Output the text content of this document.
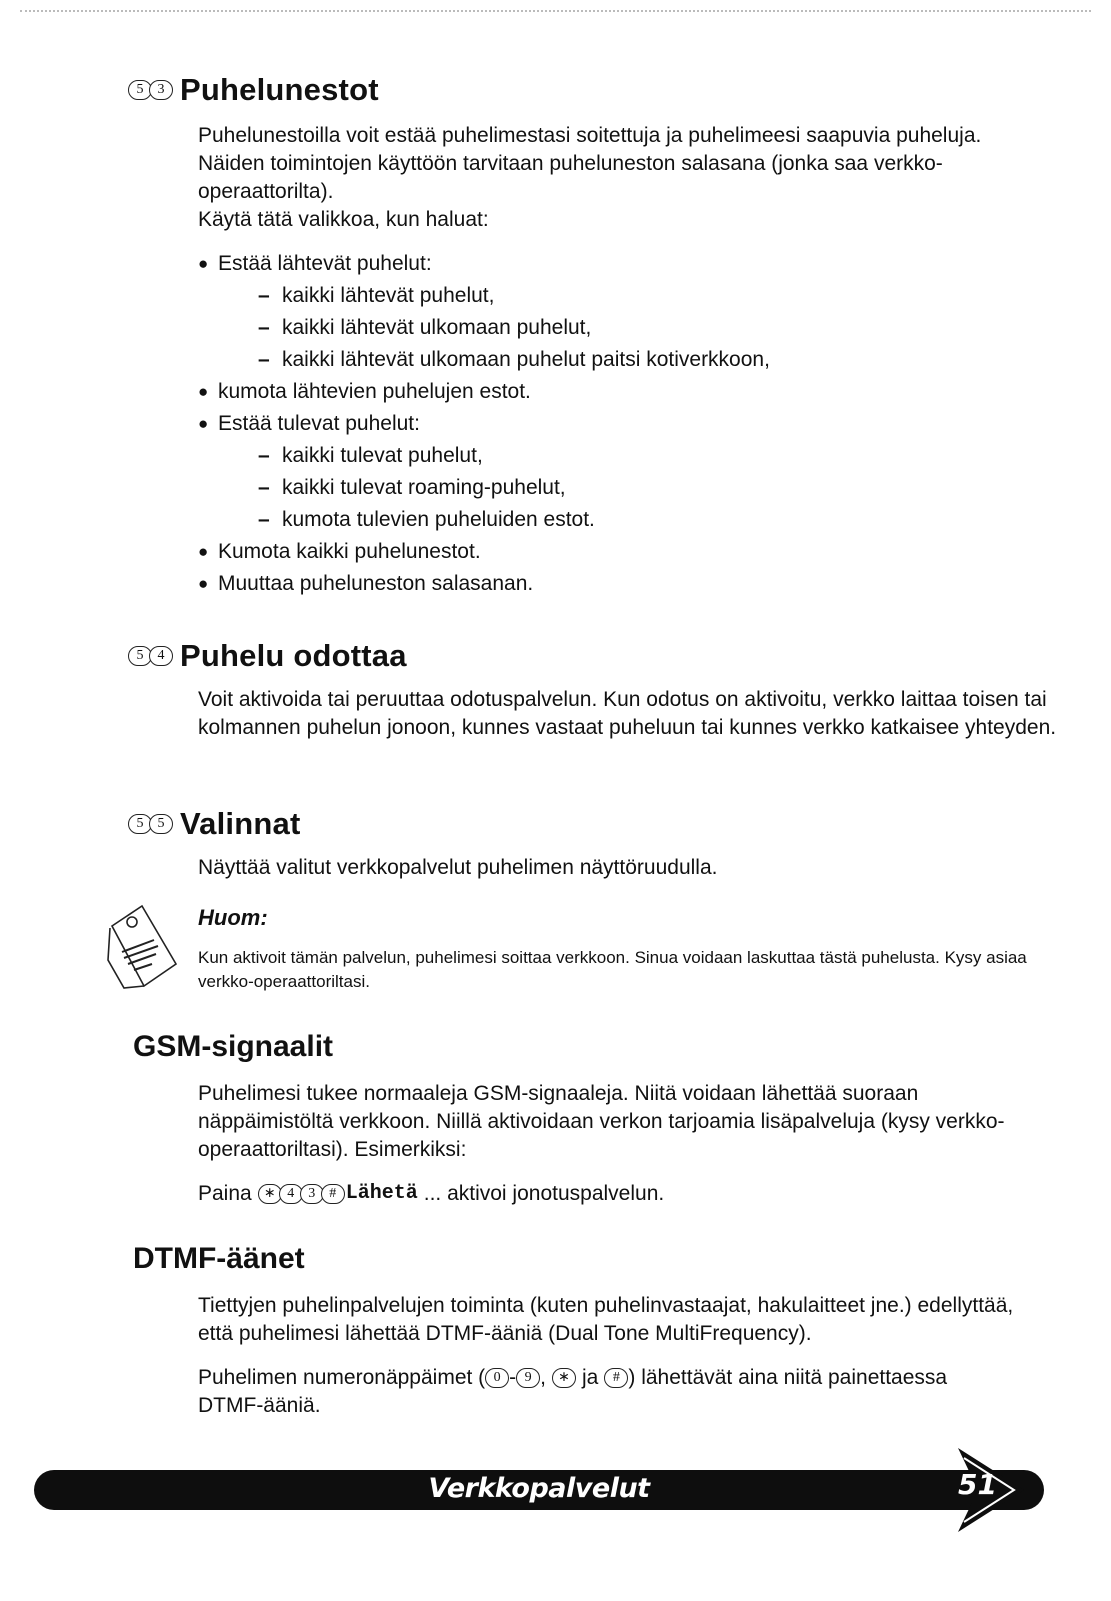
5	3 Puhelunestot

Puhelunestoilla voit estää puhelimestasi soitettuja ja puhelimeesi saapuvia puheluja. Näiden toimintojen käyttöön tarvitaan puheluneston salasana (jonka saa verkko-operaattorilta).

Käytä tätä valikkoa, kun haluat:
● Estää lähtevät puhelut:
– kaikki lähtevät puhelut,
– kaikki lähtevät ulkomaan puhelut,
– kaikki lähtevät ulkomaan puhelut paitsi kotiverkkoon,
● kumota lähtevien puhelujen estot.
● Estää tulevat puhelut:
– kaikki tulevat puhelut,
– kaikki tulevat roaming-puhelut,
– kumota tulevien puheluiden estot.
● Kumota kaikki puhelunestot.
● Muuttaa puheluneston salasanan.
5	4 Puhelu odottaa

Voit aktivoida tai peruuttaa odotuspalvelun. Kun odotus on aktivoitu, verkko laittaa toisen tai kolmannen puhelun jonoon, kunnes vastaat puheluun tai kunnes verkko katkaisee yhteyden.

5	5 Valinnat

Näyttää valitut verkkopalvelut puhelimen näyttöruudulla.

Huom:

Kun aktivoit tämän palvelun, puhelimesi soittaa verkkoon. Sinua voidaan laskuttaa tästä puhelusta. Kysy asiaa verkko-operaattoriltasi.

GSM-signaalit

Puhelimesi tukee normaaleja GSM-signaaleja. Niitä voidaan lähettää suoraan näppäimistöltä verkkoon. Niillä aktivoidaan verkon tarjoamia lisäpalveluja (kysy verkko-operaattoriltasi). Esimerkiksi:

Paina ∗ 4	3	# Lähetä ... aktivoi jonotuspalvelun.
DTMF-äänet

Tiettyjen puhelinpalvelujen toiminta (kuten puhelinvastaajat, hakulaitteet jne.) edellyttää, että puhelimesi lähettää DTMF-ääniä (Dual Tone MultiFrequency).

Puhelimen numeronäppäimet ( 0 - 9 , ∗ ja	# ) lähettävät aina niitä painettaessa
DTMF-ääniä.
Verkkopalvelut	51
